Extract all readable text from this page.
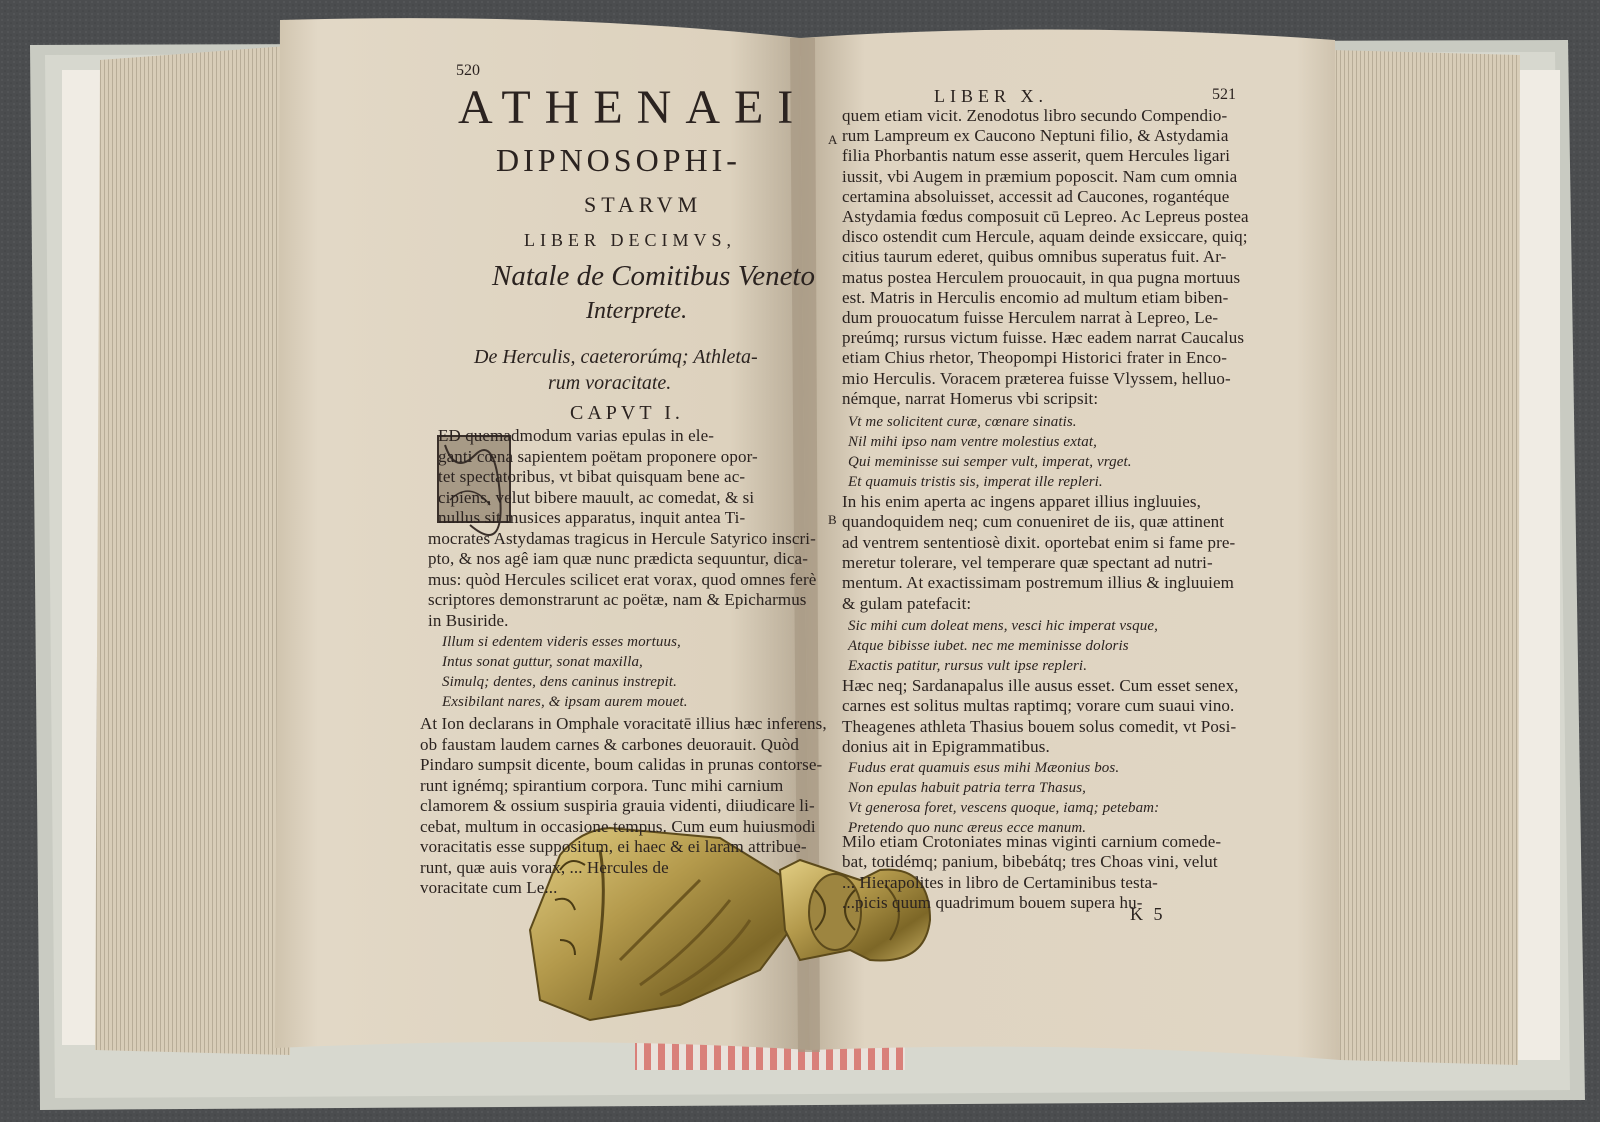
520
ATHENAEI
DIPNOSOPHI-
STARVM
LIBER DECIMVS,
Natale de Comitibus Veneto
Interprete.
De Herculis, caeterorúmq; Athleta-
rum voracitate.
CAPVT I.
ED quemadmodum varias epulas in ele-
ganti cœna sapientem poëtam proponere opor-
tet spectatoribus, vt bibat quisquam bene ac-
cipiens, velut bibere mauult, ac comedat, & si
nullus sit musices apparatus, inquit antea Ti-
mocrates Astydamas tragicus in Hercule Satyrico inscri-
pto, & nos agê iam quæ nunc prædicta sequuntur, dica-
mus: quòd Hercules scilicet erat vorax, quod omnes ferè
scriptores demonstrarunt ac poëtæ, nam & Epicharmus
in Busiride.
Illum si edentem videris esses mortuus,
Intus sonat guttur, sonat maxilla,
Simulq; dentes, dens caninus instrepit.
Exsibilant nares, & ipsam aurem mouet.
At Ion declarans in Omphale voracitatē illius hæc inferens,
ob faustam laudem carnes & carbones deuorauit. Quòd
Pindaro sumpsit dicente, boum calidas in prunas contorse-
runt ignémq; spirantium corpora. Tunc mihi carnium
clamorem & ossium suspiria grauia videnti, diiudicare li-
cebat, multum in occasione tempus. Cum eum huiusmodi
voracitatis esse suppositum, ei haec & ei laram attribue-
runt, quæ auis vorax, ... Hercules de
voracitate cum Le...
LIBER X.	521
A
B
quem etiam vicit. Zenodotus libro secundo Compendio-
rum Lampreum ex Caucono Neptuni filio, & Astydamia
filia Phorbantis natum esse asserit, quem Hercules ligari
iussit, vbi Augem in præmium poposcit. Nam cum omnia
certamina absoluisset, accessit ad Caucones, rogantéque
Astydamia fœdus composuit cū Lepreo. Ac Lepreus postea
disco ostendit cum Hercule, aquam deinde exsiccare, quiq;
citius taurum ederet, quibus omnibus superatus fuit. Ar-
matus postea Herculem prouocauit, in qua pugna mortuus
est. Matris in Herculis encomio ad multum etiam biben-
dum prouocatum fuisse Herculem narrat à Lepreo, Le-
preúmq; rursus victum fuisse. Hæc eadem narrat Caucalus
etiam Chius rhetor, Theopompi Historici frater in Enco-
mio Herculis. Voracem præterea fuisse Vlyssem, helluo-
némque, narrat Homerus vbi scripsit:
Vt me solicitent curæ, cœnare sinatis.
Nil mihi ipso nam ventre molestius extat,
Qui meminisse sui semper vult, imperat, vrget.
Et quamuis tristis sis, imperat ille repleri.
In his enim aperta ac ingens apparet illius ingluuies,
quandoquidem neq; cum conueniret de iis, quæ attinent
ad ventrem sententiosè dixit. oportebat enim si fame pre-
meretur tolerare, vel temperare quæ spectant ad nutri-
mentum. At exactissimam postremum illius & ingluuiem
& gulam patefacit:
Sic mihi cum doleat mens, vesci hic imperat vsque,
Atque bibisse iubet. nec me meminisse doloris
Exactis patitur, rursus vult ipse repleri.
Hæc neq; Sardanapalus ille ausus esset. Cum esset senex,
carnes est solitus multas raptimq; vorare cum suaui vino.
Theagenes athleta Thasius bouem solus comedit, vt Posi-
donius ait in Epigrammatibus.
Fudus erat quamuis esus mihi Mæonius bos.
Non epulas habuit patria terra Thasus,
Vt generosa foret, vescens quoque, iamq; petebam:
Pretendo quo nunc æreus ecce manum.
Milo etiam Crotoniates minas viginti carnium comede-
bat, totidémq; panium, bibebátq; tres Choas vini, velut
... Hierapolites in libro de Certaminibus testa-
...picis quum quadrimum bouem supera hu-
K 5
